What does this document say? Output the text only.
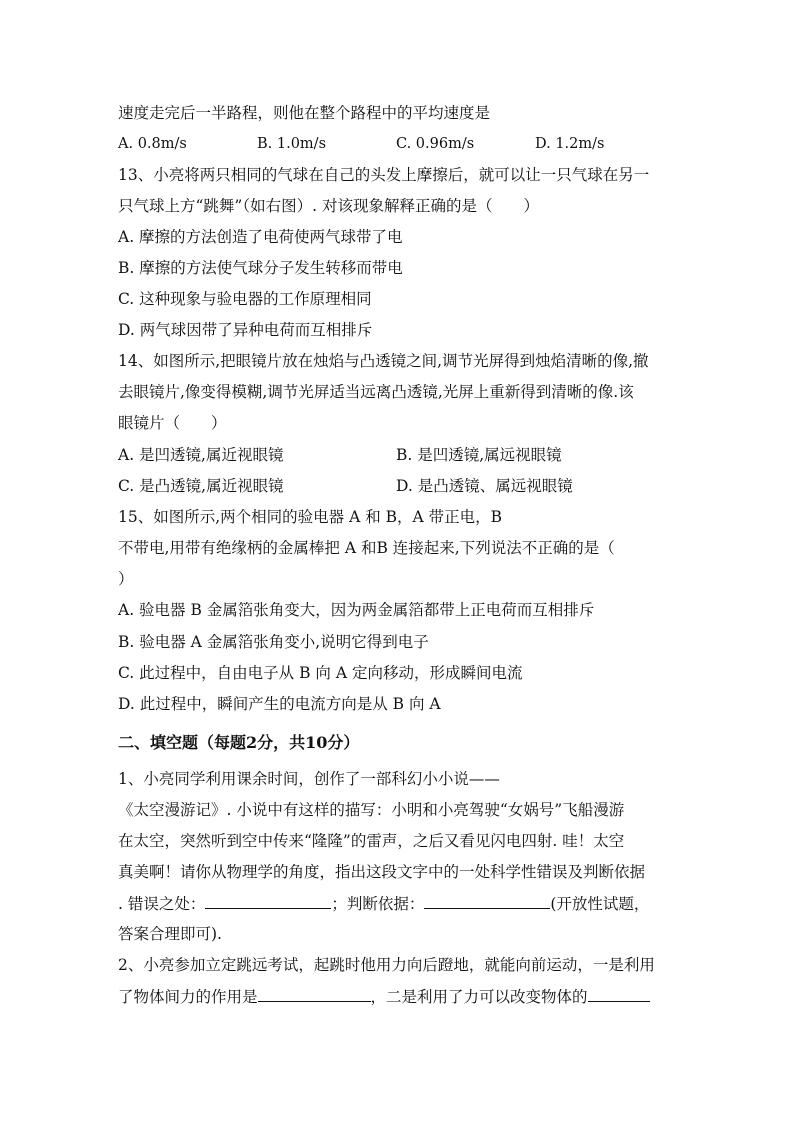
速度走完后一半路程，则他在整个路程中的平均速度是
A. 0.8m/s	B. 1.0m/s	C. 0.96m/s	D. 1.2m/s
13、小亮将两只相同的气球在自己的头发上摩擦后，就可以让一只气球在另一
只气球上方“跳舞”（如右图）. 对该现象解释正确的是（　　）
A. 摩擦的方法创造了电荷使两气球带了电
B. 摩擦的方法使气球分子发生转移而带电
C. 这种现象与验电器的工作原理相同
D. 两气球因带了异种电荷而互相排斥
14、如图所示,把眼镜片放在烛焰与凸透镜之间,调节光屏得到烛焰清晰的像,撤
去眼镜片,像变得模糊,调节光屏适当远离凸透镜,光屏上重新得到清晰的像.该
眼镜片（　　）
A. 是凹透镜,属近视眼镜	B. 是凹透镜,属远视眼镜
C. 是凸透镜,属近视眼镜	D. 是凸透镜、属远视眼镜
15、如图所示,两个相同的验电器 A 和 B，A 带正电，B
不带电,用带有绝缘柄的金属棒把 A 和B 连接起来,下列说法不正确的是（
）
A. 验电器 B 金属箔张角变大，因为两金属箔都带上正电荷而互相排斥
B. 验电器 A 金属箔张角变小,说明它得到电子
C. 此过程中，自由电子从 B 向 A 定向移动，形成瞬间电流
D. 此过程中，瞬间产生的电流方向是从 B 向 A
二、填空题（每题2分，共10分）
1、小亮同学利用课余时间，创作了一部科幻小小说——
《太空漫游记》. 小说中有这样的描写：小明和小亮驾驶“女娲号”飞船漫游
在太空，突然听到空中传来“隆隆”的雷声，之后又看见闪电四射. 哇！太空
真美啊！请你从物理学的角度，指出这段文字中的一处科学性错误及判断依据
. 错误之处：	；判断依据：	(开放性试题，
答案合理即可).
2、小亮参加立定跳远考试，起跳时他用力向后蹬地，就能向前运动，一是利用
了物体间力的作用是	，二是利用了力可以改变物体的
